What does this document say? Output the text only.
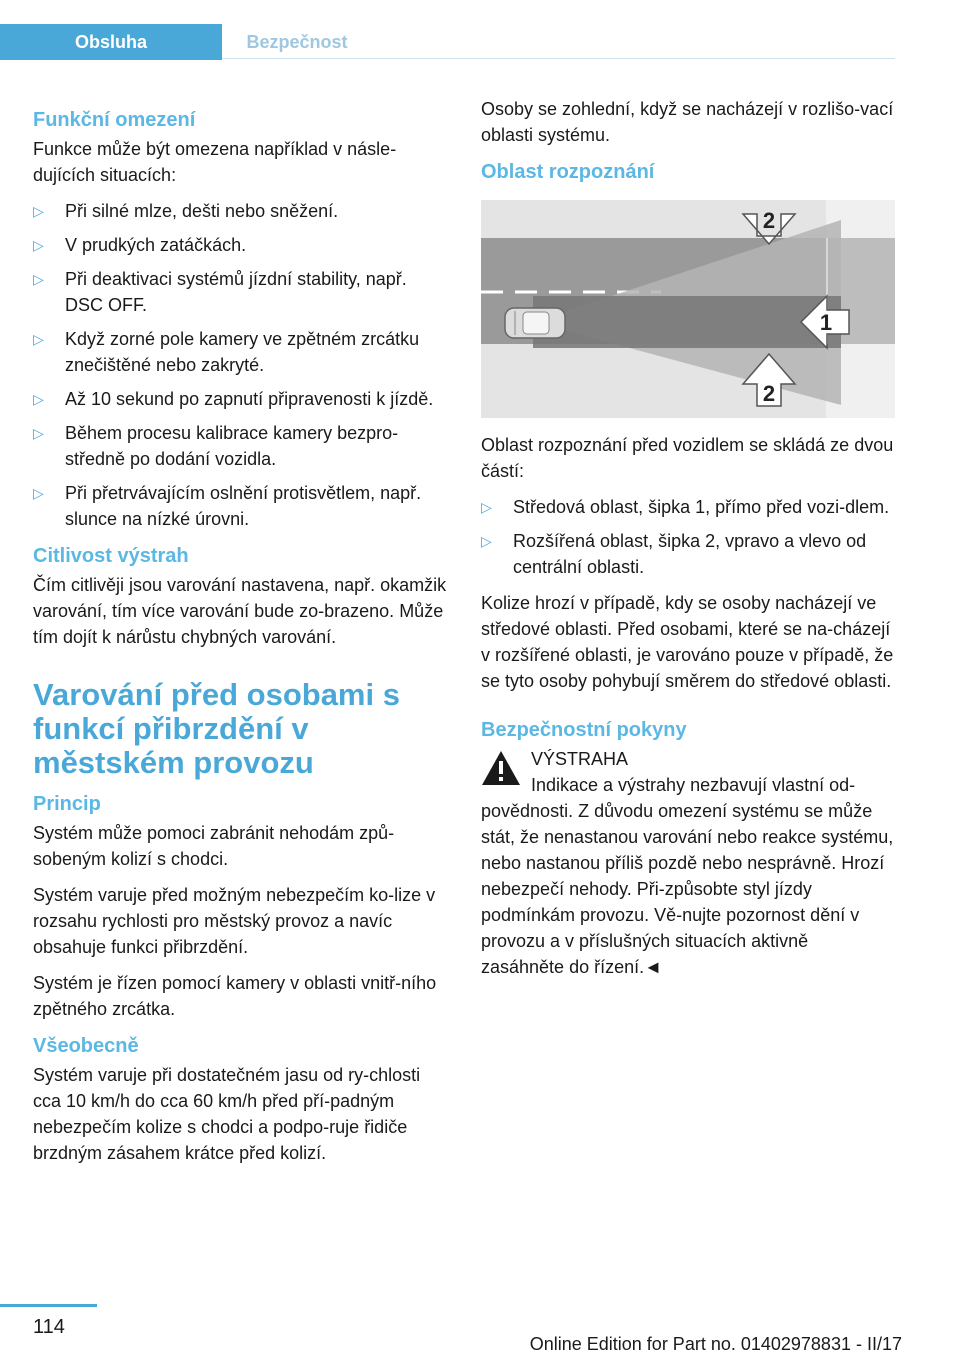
Obsluha	Bezpečnost
Funkční omezení

Funkce může být omezena například v násle-dujících situacích:

▷ Při silné mlze, dešti nebo sněžení.
▷ V prudkých zatáčkách.
▷ Při deaktivaci systémů jízdní stability, např. DSC OFF.
▷ Když zorné pole kamery ve zpětném zrcátku znečištěné nebo zakryté.
▷ Až 10 sekund po zapnutí připravenosti k jízdě.
▷ Během procesu kalibrace kamery bezpro-středně po dodání vozidla.
▷ Při přetrvávajícím oslnění protisvětlem, např. slunce na nízké úrovni.
Citlivost výstrah

Čím citlivěji jsou varování nastavena, např. okamžik varování, tím více varování bude zo-brazeno. Může tím dojít k nárůstu chybných varování.

Varování před osobami s funkcí přibrzdění v městském provozu
Princip

Systém může pomoci zabránit nehodám způ-sobeným kolizí s chodci.

Systém varuje před možným nebezpečím ko-lize v rozsahu rychlosti pro městský provoz a navíc obsahuje funkci přibrzdění.

Systém je řízen pomocí kamery v oblasti vnitř-ního zpětného zrcátka.

Všeobecně

Systém varuje při dostatečném jasu od ry-chlosti cca 10 km/h do cca 60 km/h před pří-padným nebezpečím kolize s chodci a podpo-ruje řidiče brzdným zásahem krátce před kolizí.

Osoby se zohlední, když se nacházejí v rozlišo-vací oblasti systému.

Oblast rozpoznání
2
1
2

Oblast rozpoznání před vozidlem se skládá ze dvou částí:

▷ Středová oblast, šipka 1, přímo před vozi-dlem.
▷ Rozšířená oblast, šipka 2, vpravo a vlevo od centrální oblasti.

Kolize hrozí v případě, kdy se osoby nacházejí ve středové oblasti. Před osobami, které se na-cházejí v rozšířené oblasti, je varováno pouze v případě, že se tyto osoby pohybují směrem do středové oblasti.

Bezpečnostní pokyny
VÝSTRAHA
Indikace a výstrahy nezbavují vlastní od-
povědnosti. Z důvodu omezení systému se může stát, že nenastanou varování nebo reakce systému, nebo nastanou příliš pozdě nebo nesprávně. Hrozí nebezpečí nehody. Při-způsobte styl jízdy podmínkám provozu. Vě-nujte pozornost dění v provozu a v příslušných situacích aktivně zasáhněte do řízení.◄
114
Online Edition for Part no. 01402978831 - II/17
